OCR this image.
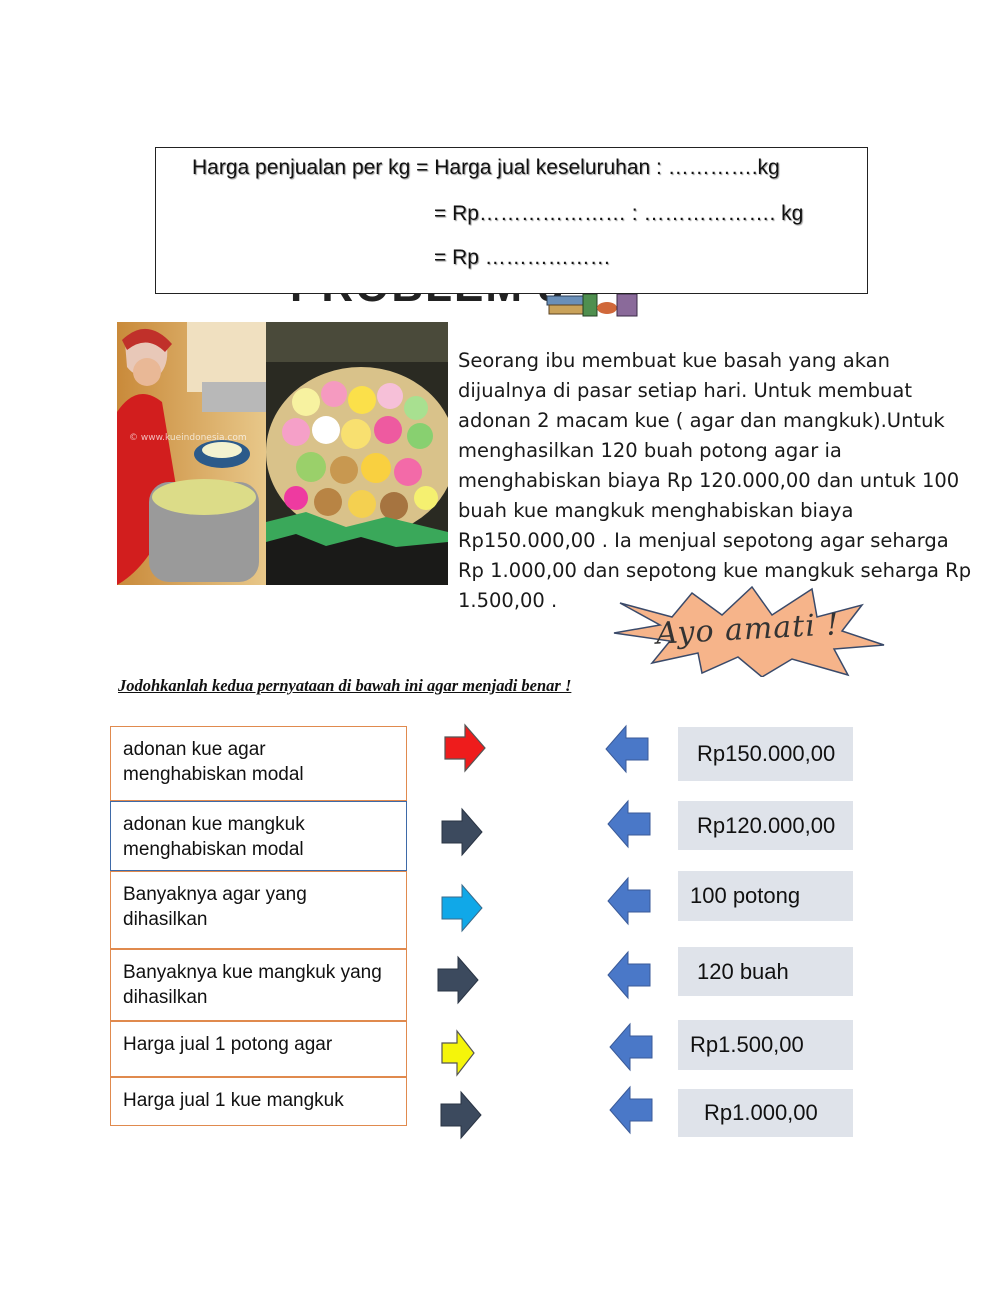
Harga penjualan per kg = Harga jual keseluruhan : ………….kg
= Rp………………… : ………………. kg
= Rp ………………
© www.kueindonesia.com

Seorang ibu membuat kue basah yang akan dijualnya di pasar setiap hari. Untuk membuat adonan 2 macam kue ( agar dan mangkuk).Untuk menghasilkan 120 buah potong agar ia menghabiskan biaya Rp 120.000,00 dan untuk 100 buah kue mangkuk menghabiskan biaya Rp150.000,00 . Ia menjual sepotong agar seharga Rp 1.000,00 dan sepotong kue mangkuk seharga Rp 1.500,00 .

Ayo amati !
Jodohkanlah kedua pernyataan di bawah ini agar menjadi benar !
adonan kue agar menghabiskan modal
adonan kue mangkuk menghabiskan modal
Banyaknya agar yang dihasilkan
Banyaknya kue mangkuk yang dihasilkan
Harga jual 1 potong agar
Harga jual 1 kue mangkuk
Rp150.000,00
Rp120.000,00
100 potong
120 buah
Rp1.500,00
Rp1.000,00
